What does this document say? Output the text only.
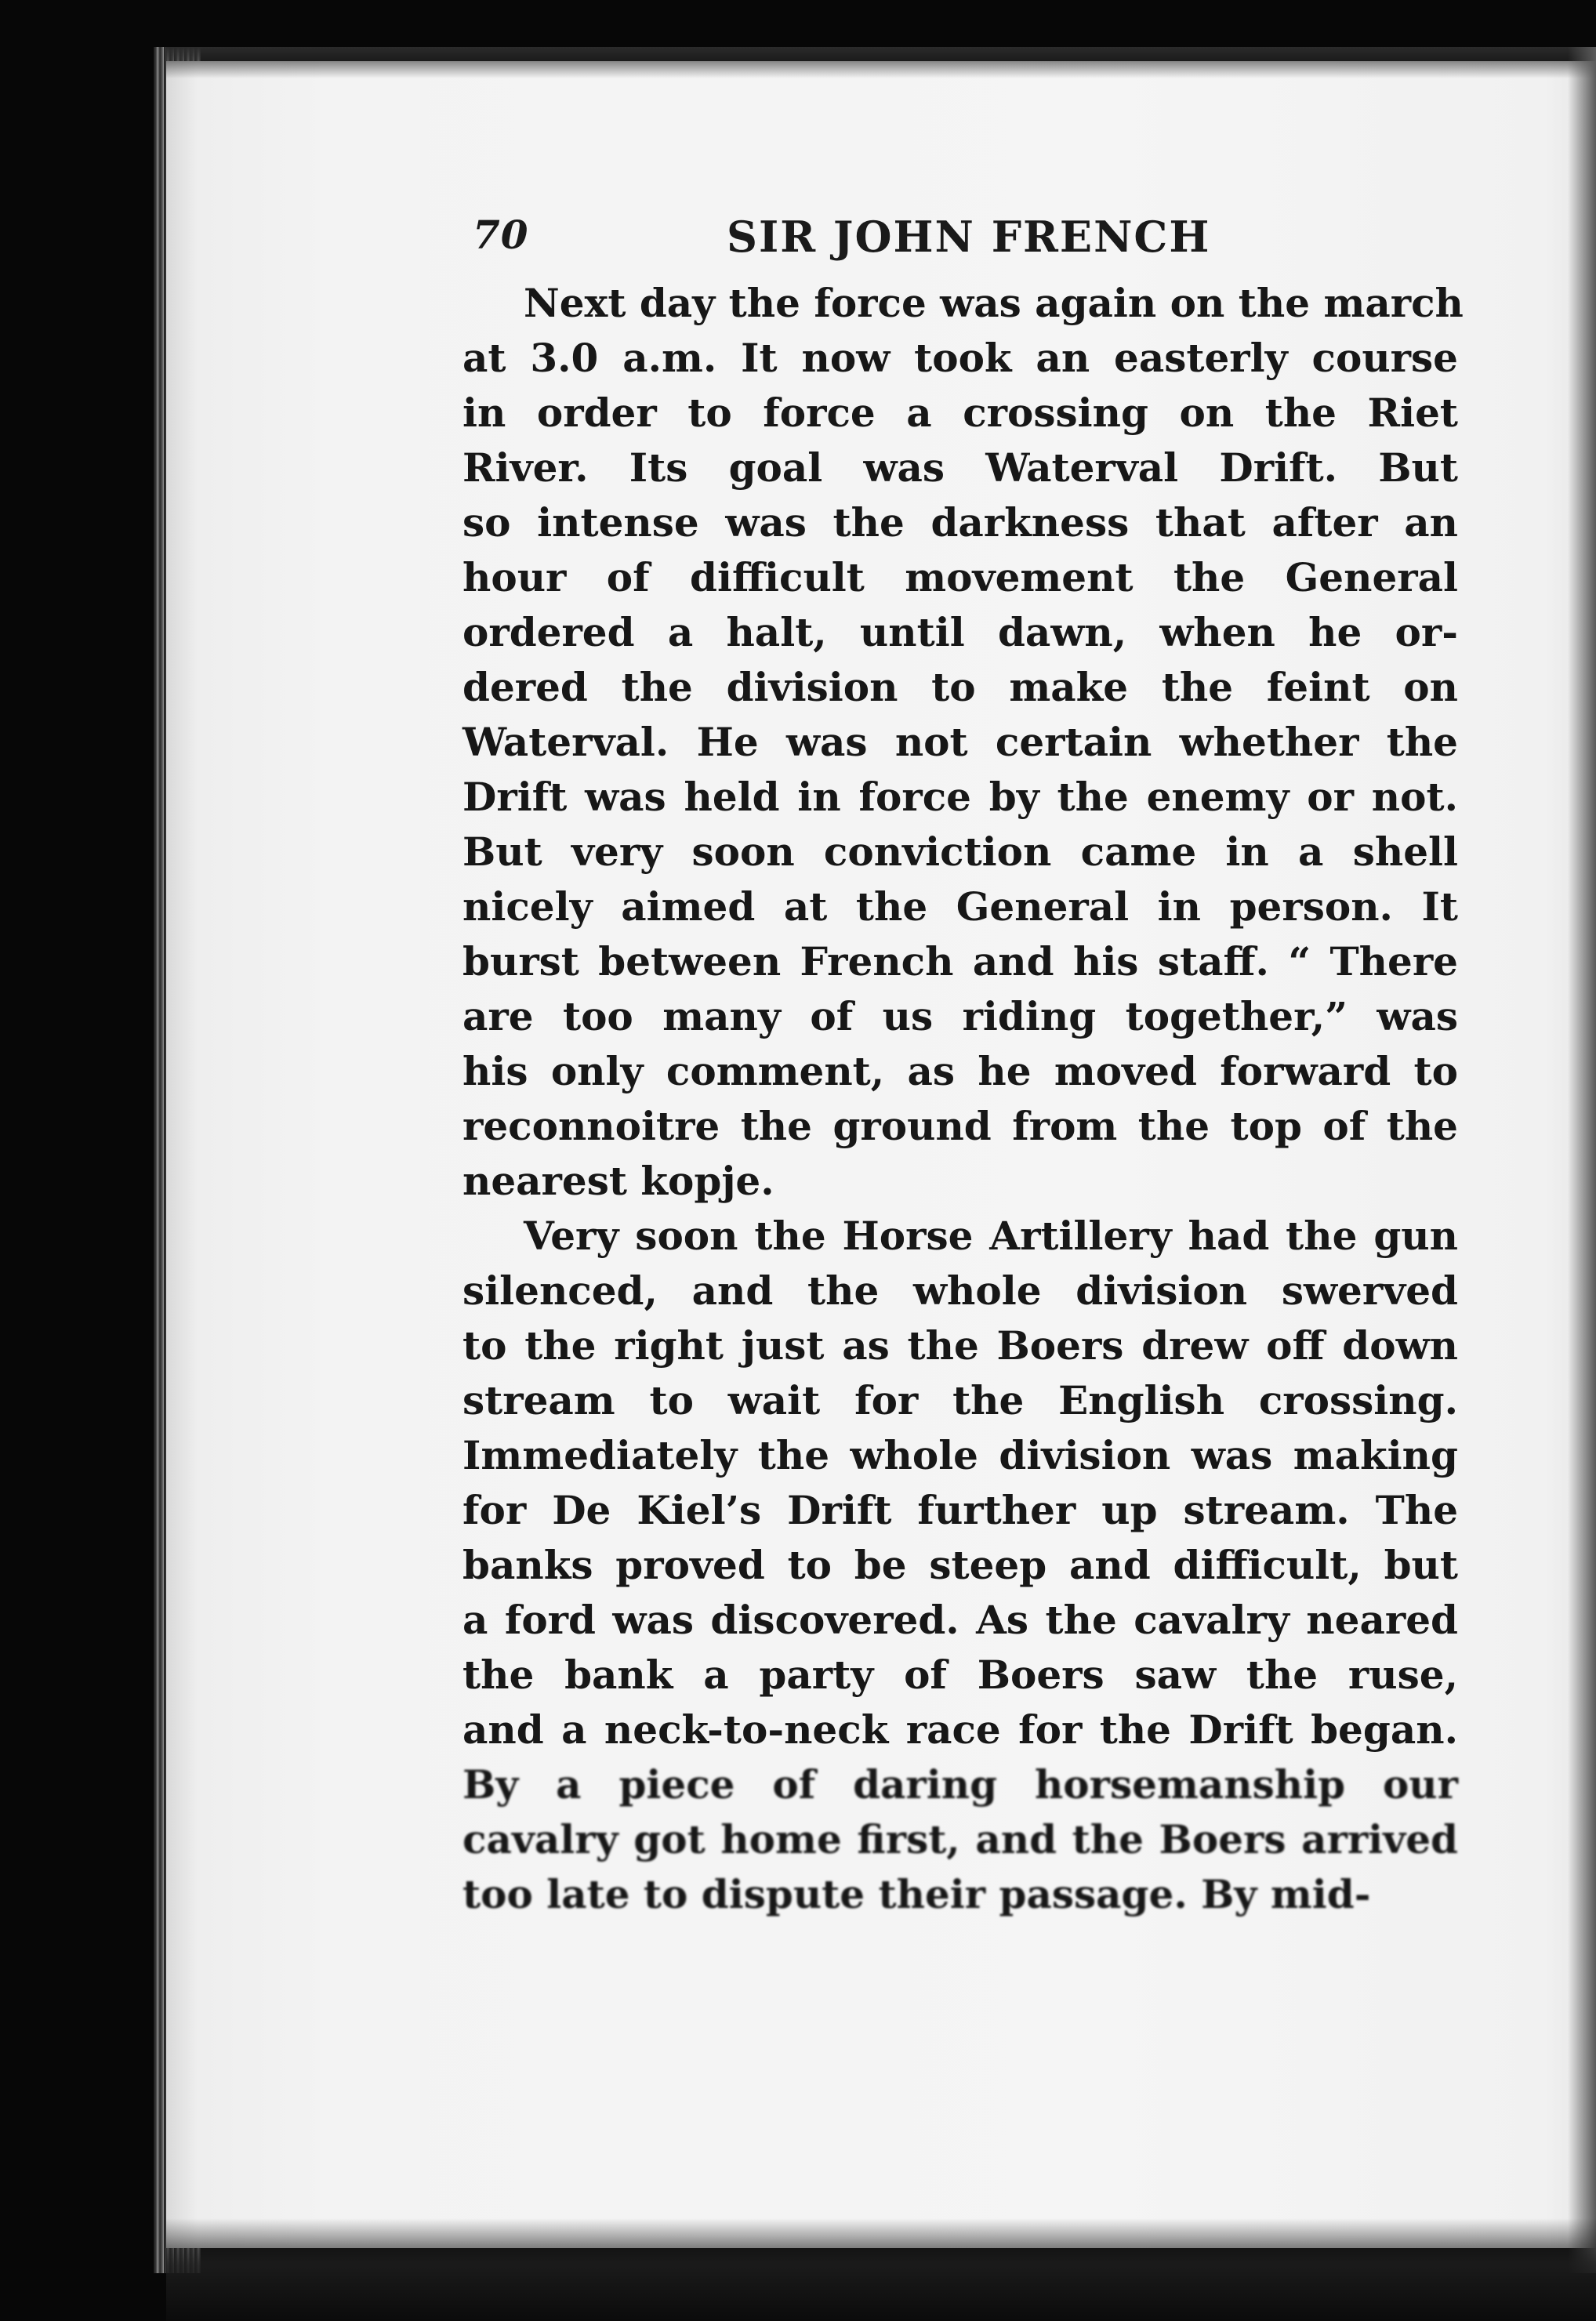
70	SIR JOHN FRENCH
Next day the force was again on the march
at 3.0 a.m. It now took an easterly course
in order to force a crossing on the Riet
River. Its goal was Waterval Drift. But
so intense was the darkness that after an
hour of difficult movement the General
ordered a halt, until dawn, when he or-
dered the division to make the feint on
Waterval. He was not certain whether the
Drift was held in force by the enemy or not.
But very soon conviction came in a shell
nicely aimed at the General in person. It
burst between French and his staff. “ There
are too many of us riding together,” was
his only comment, as he moved forward to
reconnoitre the ground from the top of the
nearest kopje.
Very soon the Horse Artillery had the gun
silenced, and the whole division swerved
to the right just as the Boers drew off down
stream to wait for the English crossing.
Immediately the whole division was making
for De Kiel’s Drift further up stream. The
banks proved to be steep and difficult, but
a ford was discovered. As the cavalry neared
the bank a party of Boers saw the ruse,
and a neck-to-neck race for the Drift began.
By a piece of daring horsemanship our
cavalry got home first, and the Boers arrived
too late to dispute their passage. By mid-
